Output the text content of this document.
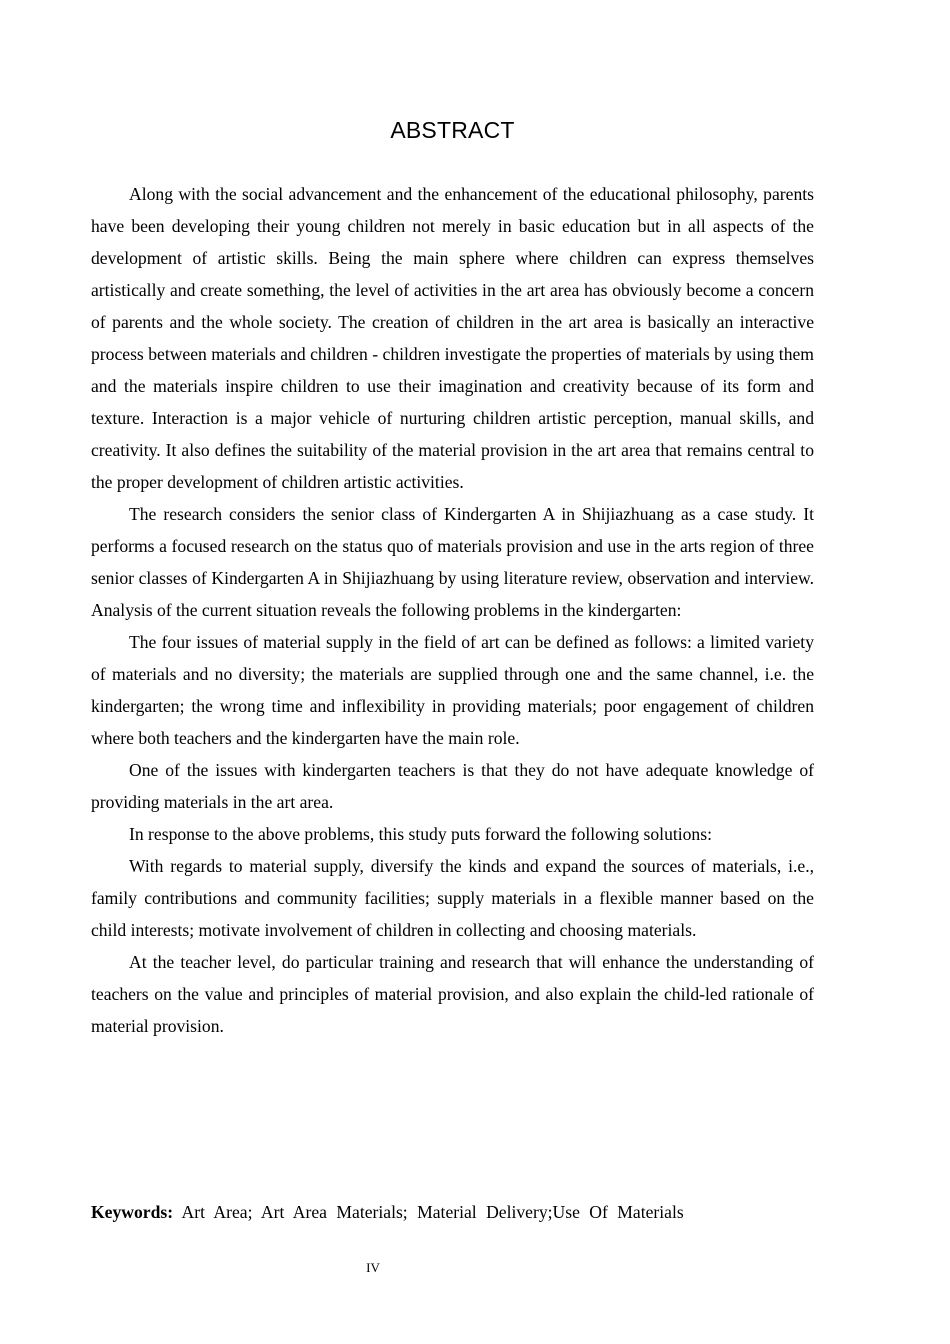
ABSTRACT

Along with the social advancement and the enhancement of the educational philosophy, parents have been developing their young children not merely in basic education but in all aspects of the development of artistic skills. Being the main sphere where children can express themselves artistically and create something, the level of activities in the art area has obviously become a concern of parents and the whole society. The creation of children in the art area is basically an interactive process between materials and children - children investigate the properties of materials by using them and the materials inspire children to use their imagination and creativity because of its form and texture. Interaction is a major vehicle of nurturing children artistic perception, manual skills, and creativity. It also defines the suitability of the material provision in the art area that remains central to the proper development of children artistic activities.

The research considers the senior class of Kindergarten A in Shijiazhuang as a case study. It performs a focused research on the status quo of materials provision and use in the arts region of three senior classes of Kindergarten A in Shijiazhuang by using literature review, observation and interview. Analysis of the current situation reveals the following problems in the kindergarten:

The four issues of material supply in the field of art can be defined as follows: a limited variety of materials and no diversity; the materials are supplied through one and the same channel, i.e. the kindergarten; the wrong time and inflexibility in providing materials; poor engagement of children where both teachers and the kindergarten have the main role.

One of the issues with kindergarten teachers is that they do not have adequate knowledge of providing materials in the art area.

In response to the above problems, this study puts forward the following solutions:

With regards to material supply, diversify the kinds and expand the sources of materials, i.e., family contributions and community facilities; supply materials in a flexible manner based on the child interests; motivate involvement of children in collecting and choosing materials.

At the teacher level, do particular training and research that will enhance the understanding of teachers on the value and principles of material provision, and also explain the child-led rationale of material provision.

Keywords: Art Area; Art Area Materials; Material Delivery;Use Of Materials
IV
